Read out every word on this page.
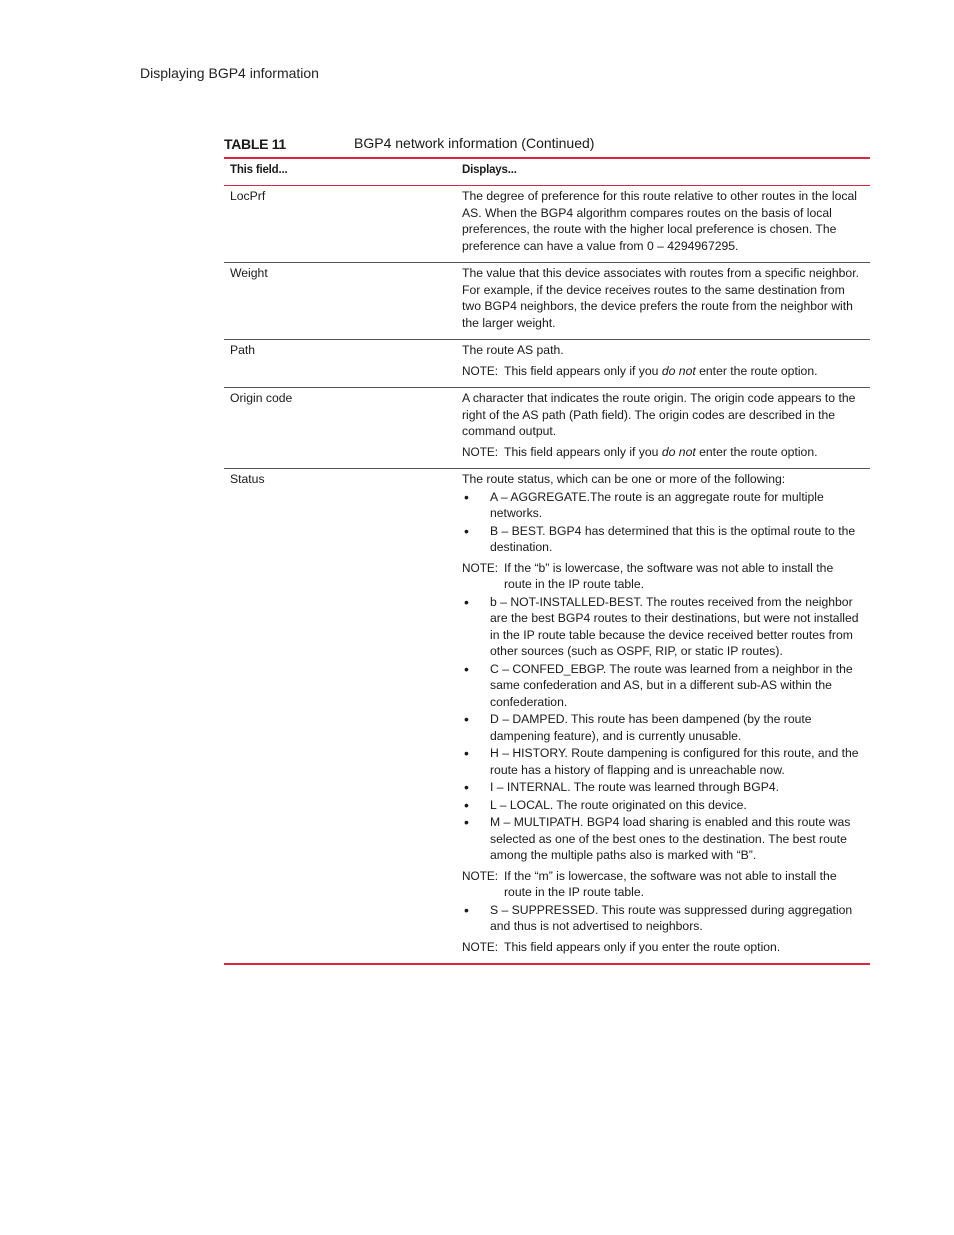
Displaying BGP4 information
TABLE 11	BGP4 network information (Continued)
This field...	Displays...
LocPrf	The degree of preference for this route relative to other routes in the local AS. When the BGP4 algorithm compares routes on the basis of local preferences, the route with the higher local preference is chosen. The preference can have a value from 0 – 4294967295.

Weight	The value that this device associates with routes from a specific neighbor. For example, if the device receives routes to the same destination from two BGP4 neighbors, the device prefers the route from the neighbor with the larger weight.

Path	The route AS path.

NOTE: This field appears only if you do not enter the route option.
Origin code	A character that indicates the route origin. The origin code appears to the right of the AS path (Path field). The origin codes are described in the command output.

NOTE: This field appears only if you do not enter the route option.
Status	The route status, which can be one or more of the following:

•	A – AGGREGATE.The route is an aggregate route for multiple networks.
•	B – BEST. BGP4 has determined that this is the optimal route to the destination.
NOTE: If the “b” is lowercase, the software was not able to install the route in the IP route table.
•	b – NOT-INSTALLED-BEST. The routes received from the neighbor are the best BGP4 routes to their destinations, but were not installed in the IP route table because the device received better routes from other sources (such as OSPF, RIP, or static IP routes).
•	C – CONFED_EBGP. The route was learned from a neighbor in the same confederation and AS, but in a different sub-AS within the confederation.
•	D – DAMPED. This route has been dampened (by the route dampening feature), and is currently unusable.
•	H – HISTORY. Route dampening is configured for this route, and the route has a history of flapping and is unreachable now.
•	I – INTERNAL. The route was learned through BGP4.
•	L – LOCAL. The route originated on this device.
•	M – MULTIPATH. BGP4 load sharing is enabled and this route was selected as one of the best ones to the destination. The best route among the multiple paths also is marked with “B”.
NOTE: If the “m” is lowercase, the software was not able to install the route in the IP route table.
•	S – SUPPRESSED. This route was suppressed during aggregation and thus is not advertised to neighbors.
NOTE: This field appears only if you enter the route option.
